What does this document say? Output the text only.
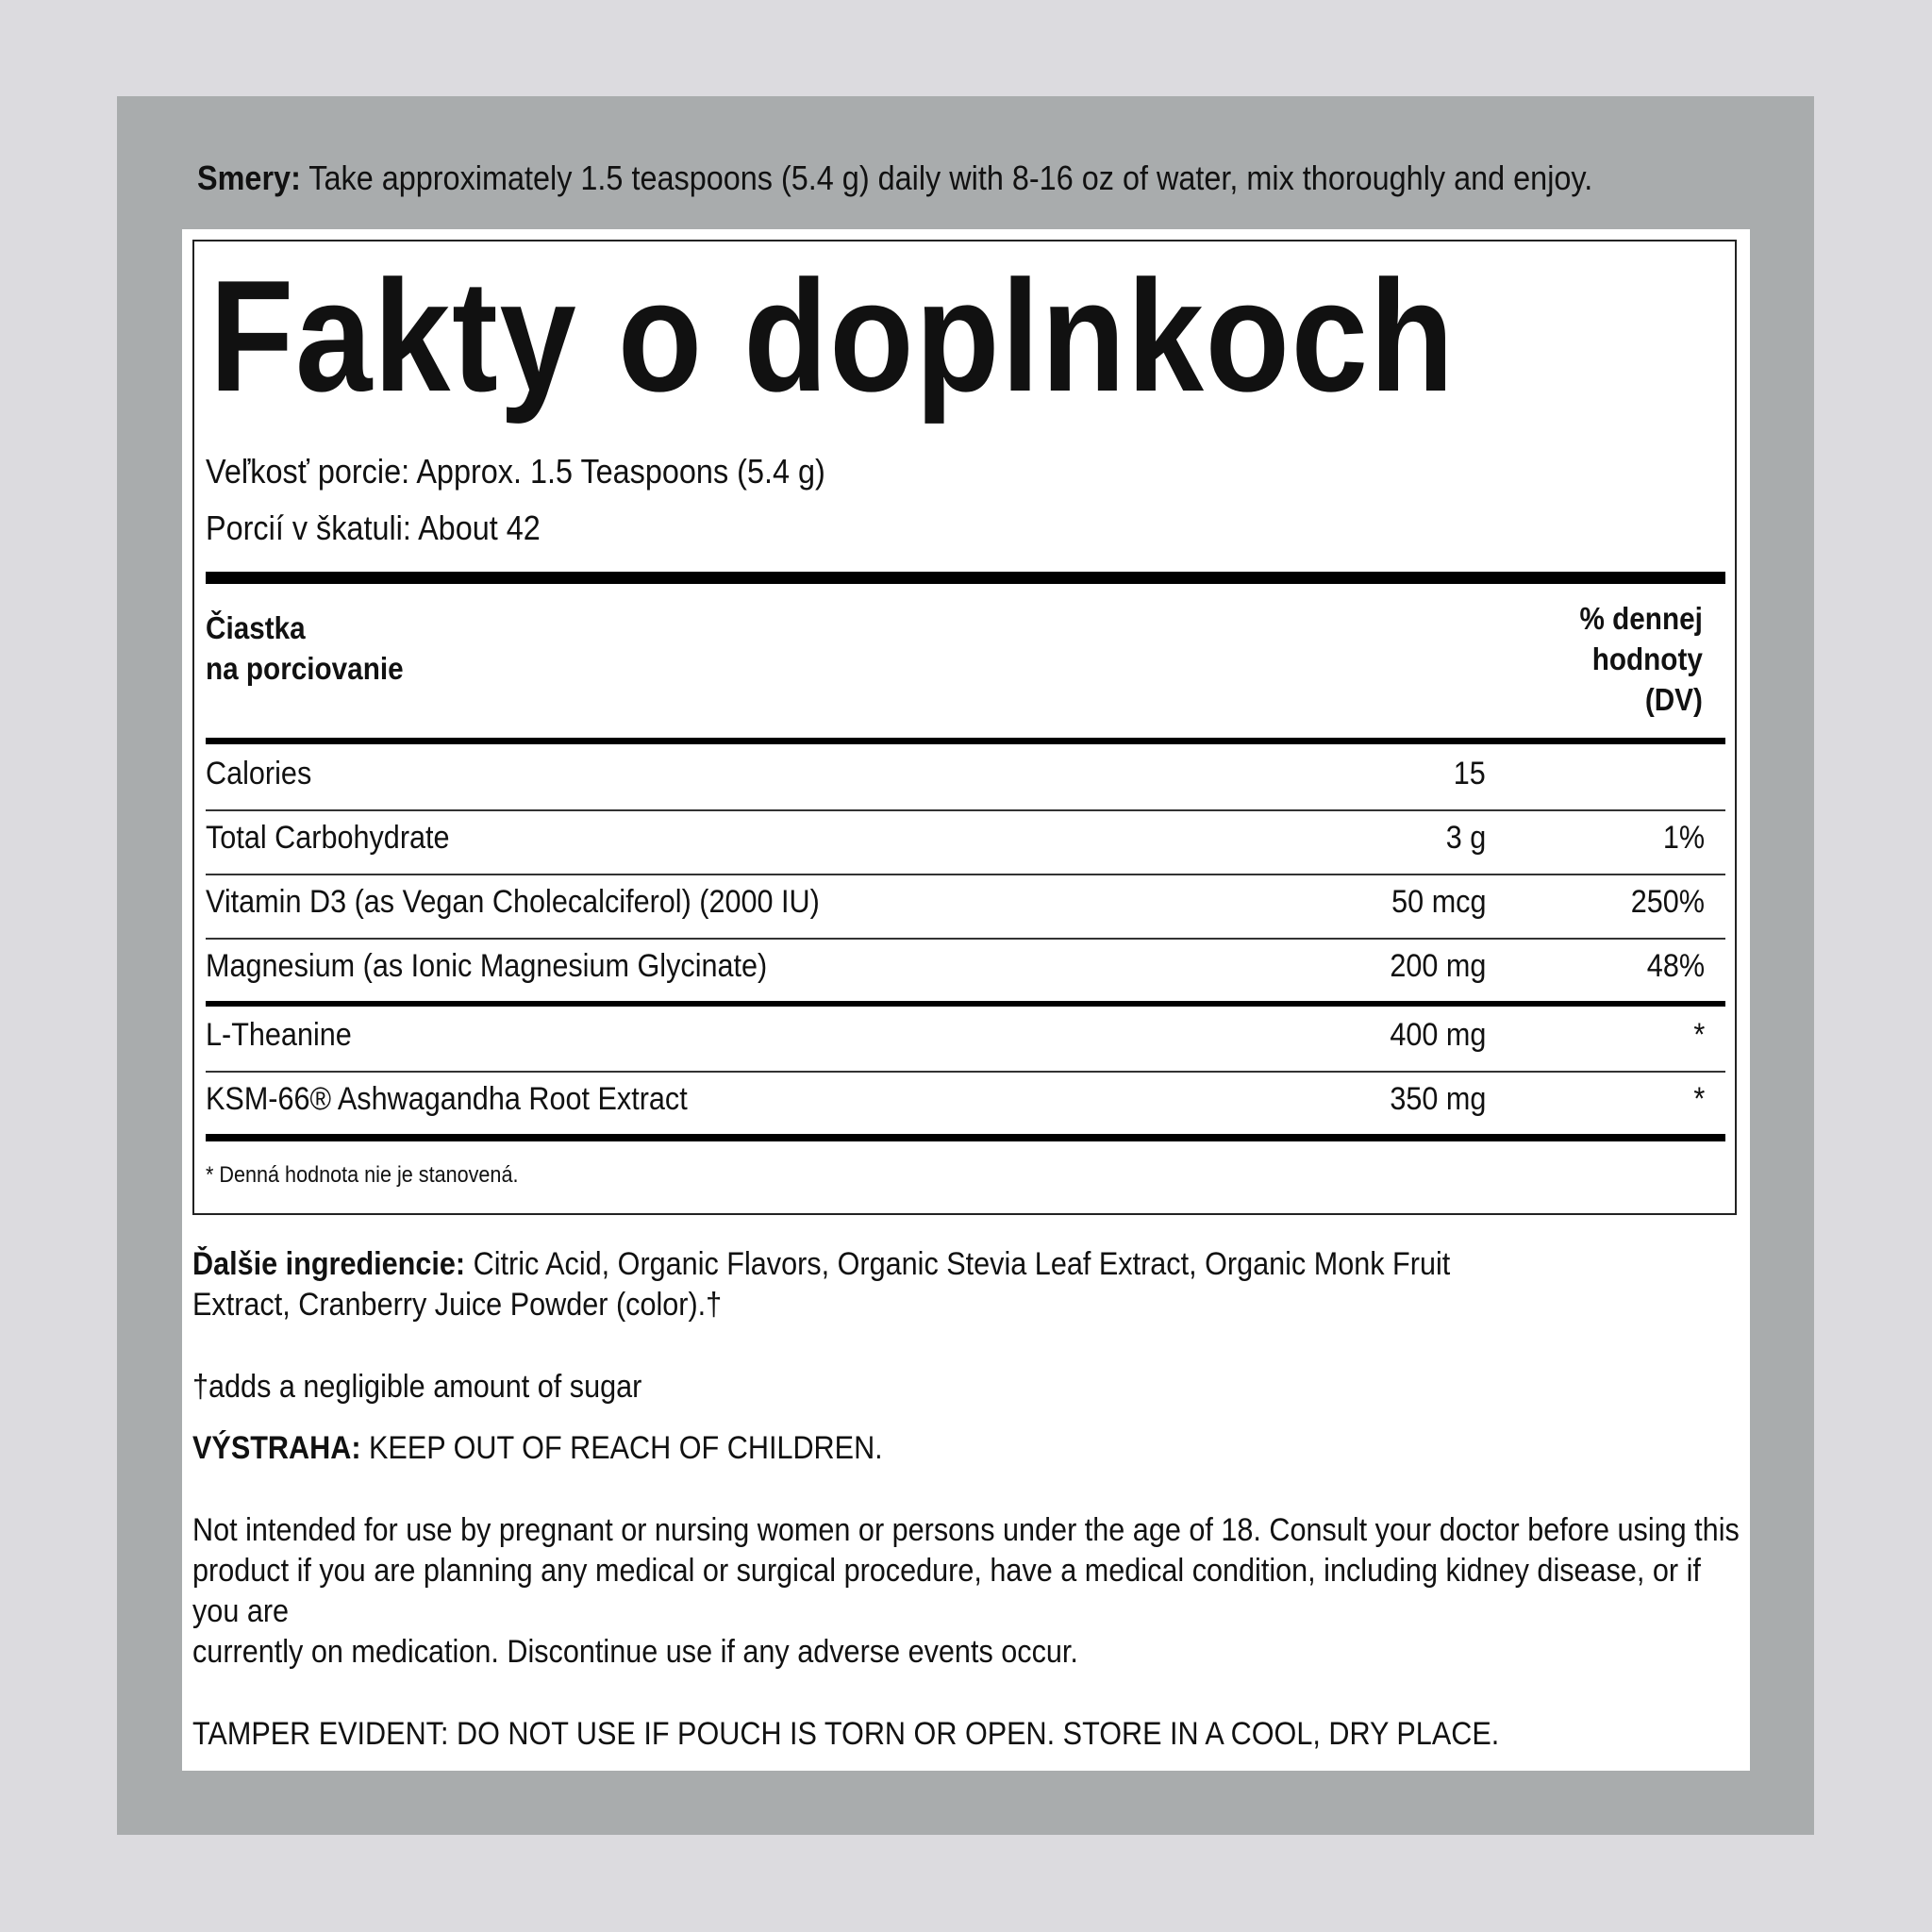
Smery: Take approximately 1.5 teaspoons (5.4 g) daily with 8-16 oz of water, mix thoroughly and enjoy.
Fakty o doplnkoch
Veľkosť porcie: Approx. 1.5 Teaspoons (5.4 g)
Porcií v škatuli: About 42
Čiastka
na porciovanie
% dennej
hodnoty
(DV)
Calories	15
Total Carbohydrate	3 g	1%
Vitamin D3 (as Vegan Cholecalciferol) (2000 IU)	50 mcg	250%
Magnesium (as Ionic Magnesium Glycinate)	200 mg	48%
L-Theanine	400 mg	*
KSM-66® Ashwagandha Root Extract	350 mg	*
* Denná hodnota nie je stanovená.
Ďalšie ingrediencie: Citric Acid, Organic Flavors, Organic Stevia Leaf Extract, Organic Monk Fruit
Extract, Cranberry Juice Powder (color).†
†adds a negligible amount of sugar
VÝSTRAHA: KEEP OUT OF REACH OF CHILDREN.
Not intended for use by pregnant or nursing women or persons under the age of 18. Consult your doctor before using this
product if you are planning any medical or surgical procedure, have a medical condition, including kidney disease, or if
you are
currently on medication. Discontinue use if any adverse events occur.
TAMPER EVIDENT: DO NOT USE IF POUCH IS TORN OR OPEN. STORE IN A COOL, DRY PLACE.
